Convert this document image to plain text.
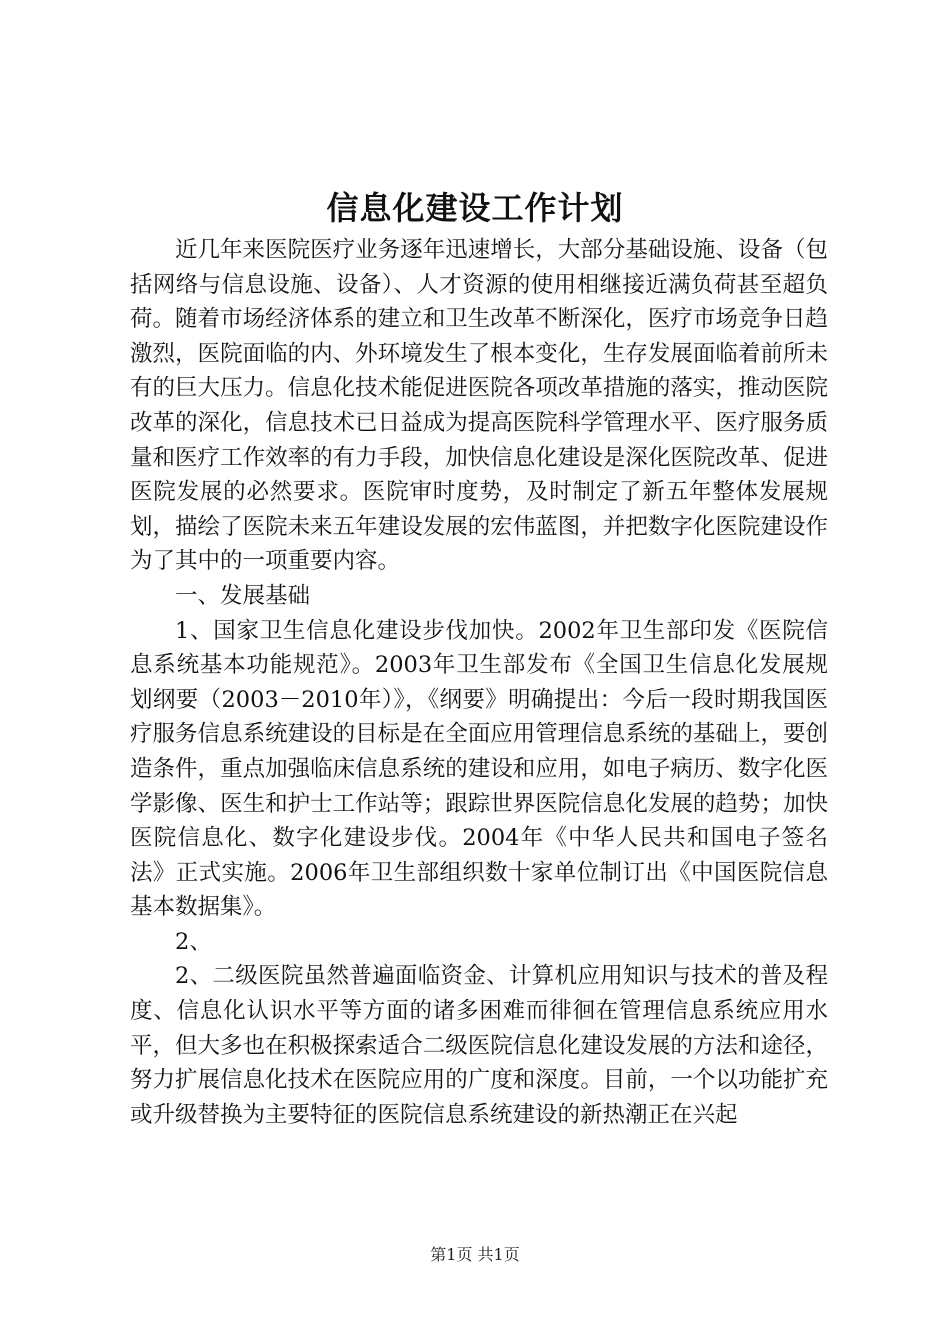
信息化建设工作计划

近几年来医院医疗业务逐年迅速增长，大部分基础设施、设备（包括网络与信息设施、设备）、人才资源的使用相继接近满负荷甚至超负荷。随着市场经济体系的建立和卫生改革不断深化，医疗市场竞争日趋激烈，医院面临的内、外环境发生了根本变化，生存发展面临着前所未有的巨大压力。信息化技术能促进医院各项改革措施的落实，推动医院改革的深化，信息技术已日益成为提高医院科学管理水平、医疗服务质量和医疗工作效率的有力手段，加快信息化建设是深化医院改革、促进医院发展的必然要求。医院审时度势，及时制定了新五年整体发展规划，描绘了医院未来五年建设发展的宏伟蓝图，并把数字化医院建设作为了其中的一项重要内容。

一、发展基础

1、国家卫生信息化建设步伐加快。2002年卫生部印发《医院信息系统基本功能规范》。2003年卫生部发布《全国卫生信息化发展规划纲要（2003－2010年）》，《纲要》明确提出：今后一段时期我国医疗服务信息系统建设的目标是在全面应用管理信息系统的基础上，要创造条件，重点加强临床信息系统的建设和应用，如电子病历、数字化医学影像、医生和护士工作站等；跟踪世界医院信息化发展的趋势；加快医院信息化、数字化建设步伐。2004年《中华人民共和国电子签名法》正式实施。2006年卫生部组织数十家单位制订出《中国医院信息基本数据集》。

2、

2、二级医院虽然普遍面临资金、计算机应用知识与技术的普及程度、信息化认识水平等方面的诸多困难而徘徊在管理信息系统应用水平，但大多也在积极探索适合二级医院信息化建设发展的方法和途径，努力扩展信息化技术在医院应用的广度和深度。目前，一个以功能扩充或升级替换为主要特征的医院信息系统建设的新热潮正在兴起

第1页 共1页
